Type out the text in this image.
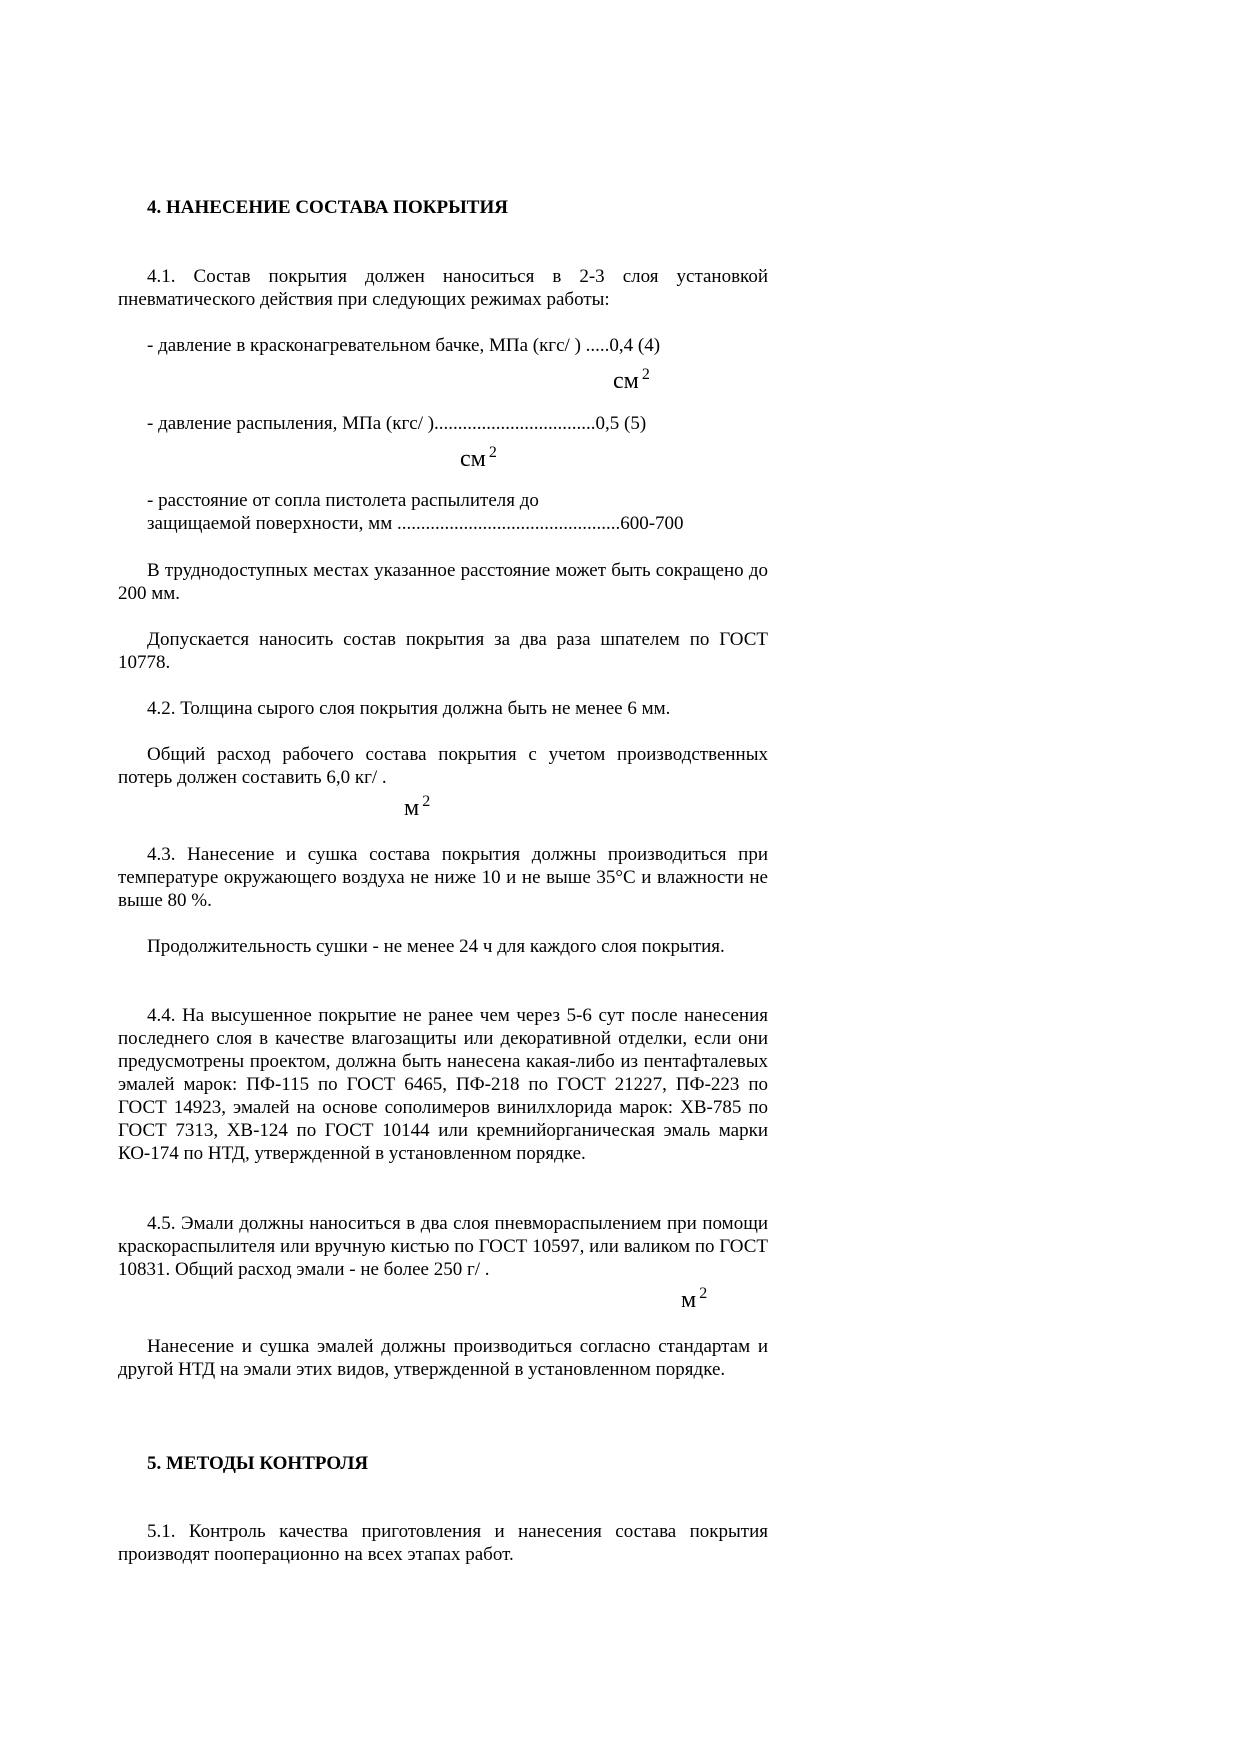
4. НАНЕСЕНИЕ СОСТАВА ПОКРЫТИЯ
4.1. Состав покрытия должен наноситься в 2-3 слоя установкой пневматического действия при следующих режимах работы:
- давление в красконагревательном бачке, МПа (кгс/ ) .....0,4 (4)
см $^2$
- давление распыления, МПа (кгс/ )..................................0,5 (5)
см $^2$
- расстояние от сопла пистолета распылителя до
защищаемой поверхности, мм ...............................................600-700
В труднодоступных местах указанное расстояние может быть сокращено до 200 мм.
Допускается наносить состав покрытия за два раза шпателем по ГОСТ 10778.
4.2. Толщина сырого слоя покрытия должна быть не менее 6 мм.
Общий расход рабочего состава покрытия с учетом производственных потерь должен составить 6,0 кг/ .
м $^2$
4.3. Нанесение и сушка состава покрытия должны производиться при температуре окружающего воздуха не ниже 10 и не выше 35°С и влажности не выше 80 %.
Продолжительность сушки - не менее 24 ч для каждого слоя покрытия.
4.4. На высушенное покрытие не ранее чем через 5-6 сут после нанесения последнего слоя в качестве влагозащиты или декоративной отделки, если они предусмотрены проектом, должна быть нанесена какая-либо из пентафталевых эмалей марок: ПФ-115 по ГОСТ 6465, ПФ-218 по ГОСТ 21227, ПФ-223 по ГОСТ 14923, эмалей на основе сополимеров винилхлорида марок: ХВ-785 по ГОСТ 7313, ХВ-124 по ГОСТ 10144 или кремнийорганическая эмаль марки КО-174 по НТД, утвержденной в установленном порядке.
4.5. Эмали должны наноситься в два слоя пневмораспылением при помощи краскораспылителя или вручную кистью по ГОСТ 10597, или валиком по ГОСТ 10831. Общий расход эмали - не более 250 г/ .
м $^2$
Нанесение и сушка эмалей должны производиться согласно стандартам и другой НТД на эмали этих видов, утвержденной в установленном порядке.
5. МЕТОДЫ КОНТРОЛЯ
5.1. Контроль качества приготовления и нанесения состава покрытия производят пооперационно на всех этапах работ.
